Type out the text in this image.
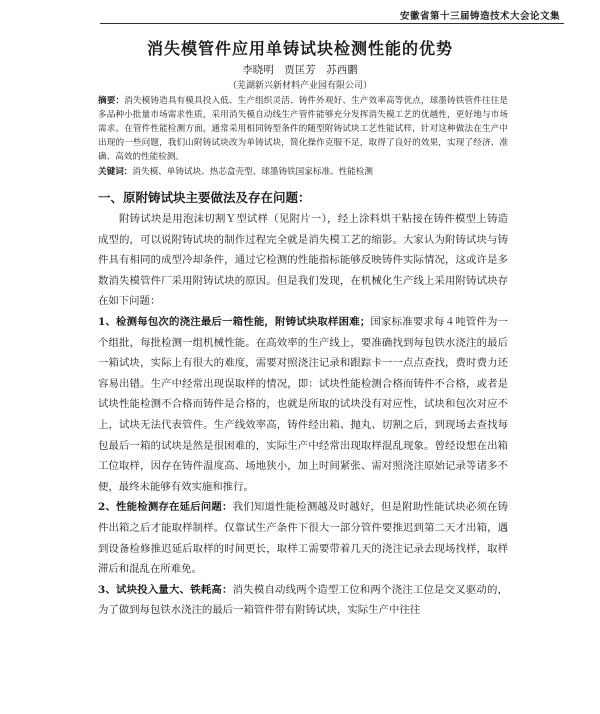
安徽省第十三届铸造技术大会论文集
消失模管件应用单铸试块检测性能的优势
李晓明　贾匡芳　苏西鹏
（芜湖新兴新材料产业园有限公司）
摘要：消失模铸造具有模具投入低、生产组织灵活、铸件外观好、生产效率高等优点，球墨铸铁管件往往是多品种小批量市场需求性质，采用消失模自动线生产管件能够充分发挥消失模工艺的优越性，更好地与市场需求。在管件性能检测方面，通常采用相同铸型条件的随型附铸试块工艺性能试样，针对这种做法在生产中出现的一些问题，我们山附铸试块改为单铸试块，简化操作克服不足，取得了良好的效果，实现了经济、准确、高效的性能检测。
关键词：消失模、单铸试块、热芯盒壳型、球墨铸铁国家标准、性能检测
一、原附铸试块主要做法及存在问题：

附铸试块是用泡沫切割Ｙ型试样（见附片一），经上涂料烘干粘接在铸件模型上铸造成型的，可以说附铸试块的制作过程完全就是消失模工艺的缩影。大家认为附铸试块与铸件具有相同的成型冷却条件，通过它检测的性能指标能够反映铸件实际情况，这或许是多数消失模管件厂采用附铸试块的原因。但是我们发现，在机械化生产线上采用附铸试块存在如下问题：

1、检测每包次的浇注最后一箱性能，附铸试块取样困难；国家标准要求每４吨管件为一个组批，每批检测一组机械性能。在高效率的生产线上，要准确找到每包铁水浇注的最后一箱试块，实际上有很大的难度，需要对照浇注记录和跟踪卡一一点点查找，费时费力还容易出错。生产中经常出现误取样的情况，即：试块性能检测合格而铸件不合格，或者是试块性能检测不合格而铸件是合格的，也就是所取的试块没有对应性，试块和包次对应不上，试块无法代表管件。生产线效率高，铸件经出箱、抛丸、切割之后，到现场去查找每包最后一箱的试块是然是很困难的，实际生产中经常出现取样混乱现象。曾经设想在出箱工位取样，因存在铸件温度高、场地狭小，加上时间紧张、需对照浇注原始记录等诸多不便，最终未能够有效实施和推行。

2、性能检测存在延后问题：我们知道性能检测越及时越好，但是附助性能试块必须在铸件出箱之后才能取样制样。仅靠试生产条件下很大一部分管件要推迟到第二天才出箱，遇到设备检修推迟延后取样的时间更长，取样工需要带着几天的浇注记录去现场找样，取样滞后和混乱在所难免。

3、试块投入量大、铁耗高：消失模自动线两个造型工位和两个浇注工位是交叉驱动的，为了做到每包铁水浇注的最后一箱管件带有附铸试块，实际生产中往往
